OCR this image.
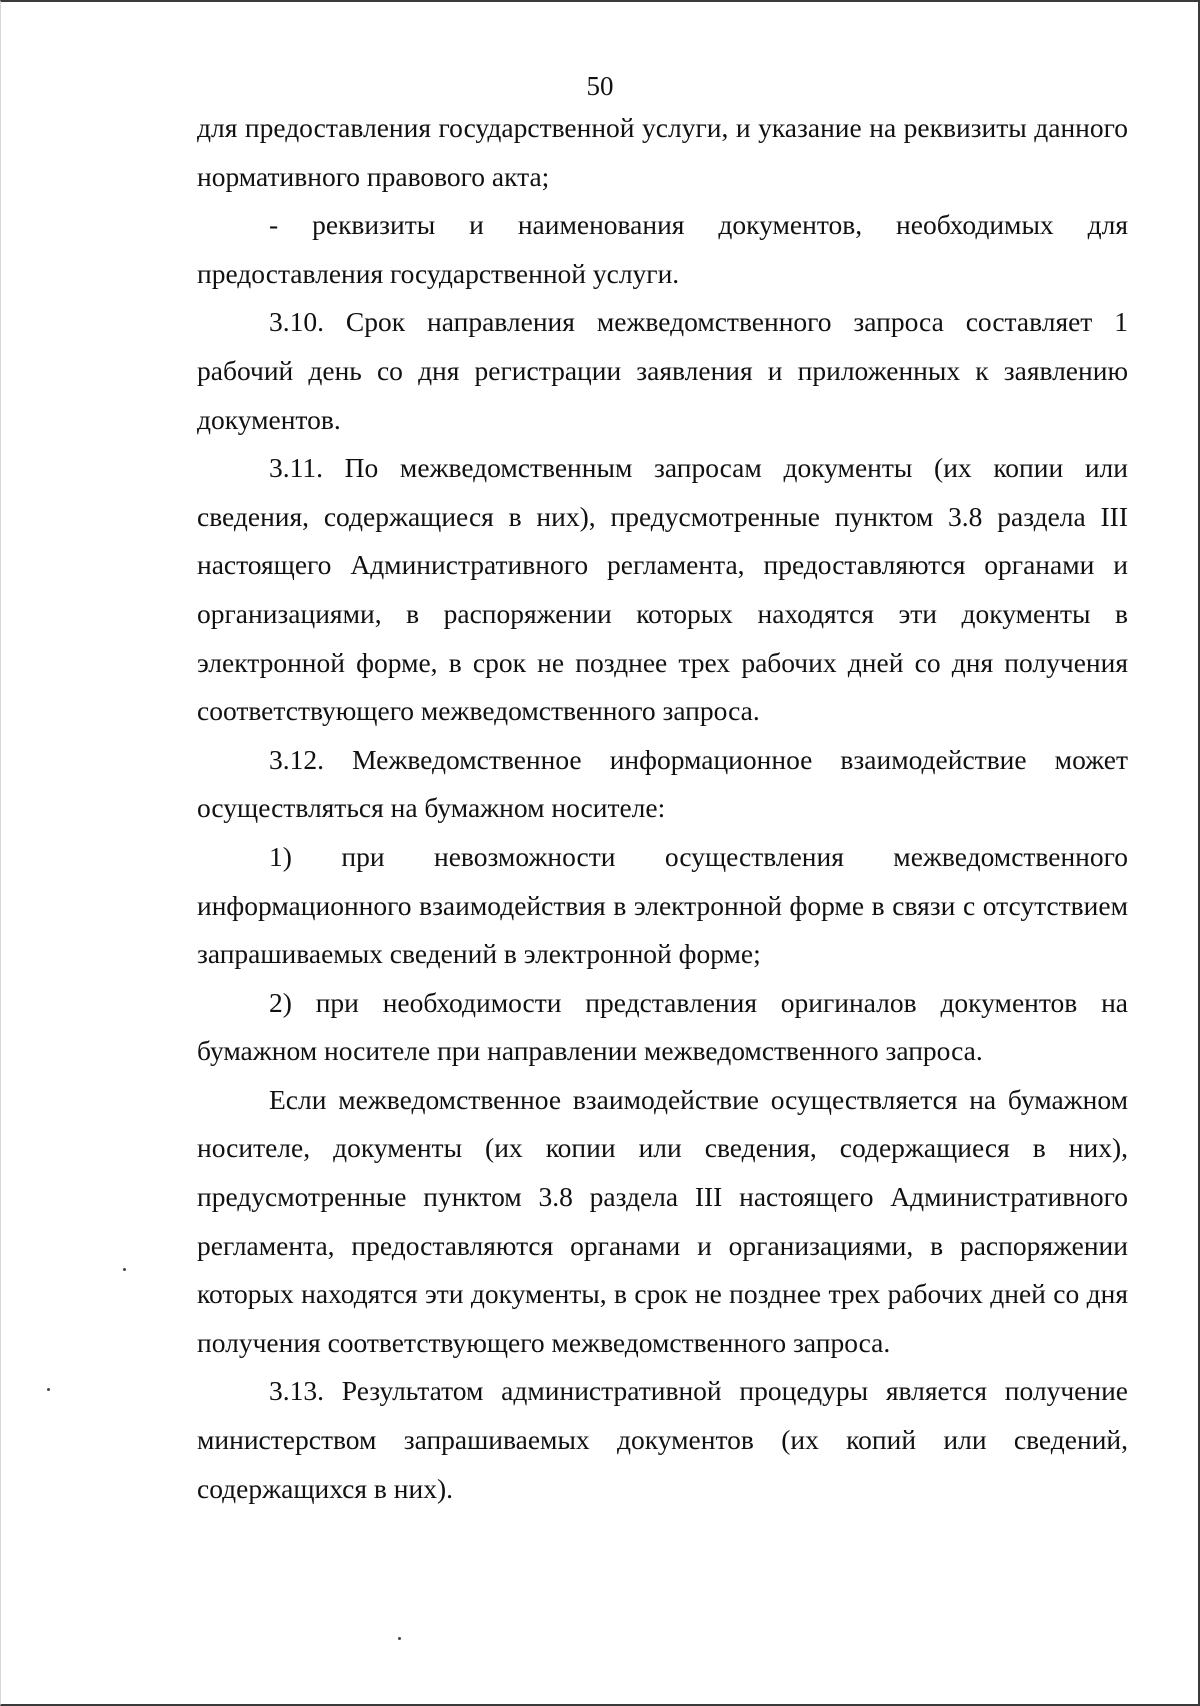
50

для предоставления государственной услуги, и указание на реквизиты данного нормативного правового акта;

- реквизиты и наименования документов, необходимых для предоставления государственной услуги.

3.10. Срок направления межведомственного запроса составляет 1 рабочий день со дня регистрации заявления и приложенных к заявлению документов.

3.11. По межведомственным запросам документы (их копии или сведения, содержащиеся в них), предусмотренные пунктом 3.8 раздела III настоящего Административного регламента, предоставляются органами и организациями, в распоряжении которых находятся эти документы в электронной форме, в срок не позднее трех рабочих дней со дня получения соответствующего межведомственного запроса.

3.12. Межведомственное информационное взаимодействие может осуществляться на бумажном носителе:

1) при невозможности осуществления межведомственного информационного взаимодействия в электронной форме в связи с отсутствием запрашиваемых сведений в электронной форме;

2) при необходимости представления оригиналов документов на бумажном носителе при направлении межведомственного запроса.

Если межведомственное взаимодействие осуществляется на бумажном носителе, документы (их копии или сведения, содержащиеся в них), предусмотренные пунктом 3.8 раздела III настоящего Административного регламента, предоставляются органами и организациями, в распоряжении которых находятся эти документы, в срок не позднее трех рабочих дней со дня получения соответствующего межведомственного запроса.

3.13. Результатом административной процедуры является получение министерством запрашиваемых документов (их копий или сведений, содержащихся в них).
